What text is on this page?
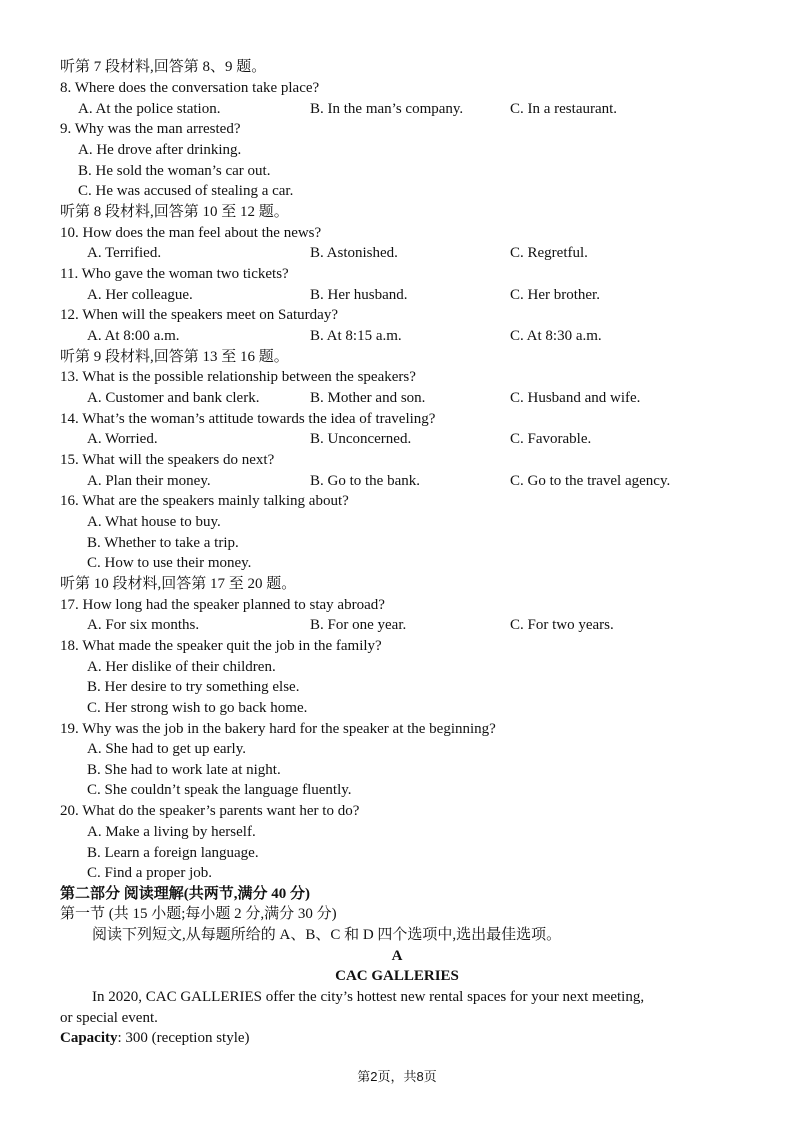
听第 7 段材料,回答第 8、9 题。
8. Where does the conversation take place?
A. At the police station.	B. In the man’s company.	C. In a restaurant.
9. Why was the man arrested?
A. He drove after drinking.
B. He sold the woman’s car out.
C. He was accused of stealing a car.
听第 8 段材料,回答第 10 至 12 题。
10. How does the man feel about the news?
A. Terrified.	B. Astonished.	C. Regretful.
11. Who gave the woman two tickets?
A. Her colleague.	B. Her husband.	C. Her brother.
12. When will the speakers meet on Saturday?
A. At 8:00 a.m.	B. At 8:15 a.m.	C. At 8:30 a.m.
听第 9 段材料,回答第 13 至 16 题。
13. What is the possible relationship between the speakers?
A. Customer and bank clerk.	B. Mother and son.	C. Husband and wife.
14. What’s the woman’s attitude towards the idea of traveling?
A. Worried.	B. Unconcerned.	C. Favorable.
15. What will the speakers do next?
A. Plan their money.	B. Go to the bank.	C. Go to the travel agency.
16. What are the speakers mainly talking about?
A. What house to buy.
B. Whether to take a trip.
C. How to use their money.
听第 10 段材料,回答第 17 至 20 题。
17. How long had the speaker planned to stay abroad?
A. For six months.	B. For one year.	C. For two years.
18. What made the speaker quit the job in the family?
A. Her dislike of their children.
B. Her desire to try something else.
C. Her strong wish to go back home.
19. Why was the job in the bakery hard for the speaker at the beginning?
A. She had to get up early.
B. She had to work late at night.
C. She couldn’t speak the language fluently.
20. What do the speaker’s parents want her to do?
A. Make a living by herself.
B. Learn a foreign language.
C. Find a proper job.
第二部分 阅读理解(共两节,满分 40 分)
第一节 (共 15 小题;每小题 2 分,满分 30 分)
阅读下列短文,从每题所给的 A、B、C 和 D 四个选项中,选出最佳选项。
A
CAC GALLERIES
In 2020, CAC GALLERIES offer the city’s hottest new rental spaces for your next meeting,
or special event.
Capacity: 300 (reception style)
第2页，共8页
